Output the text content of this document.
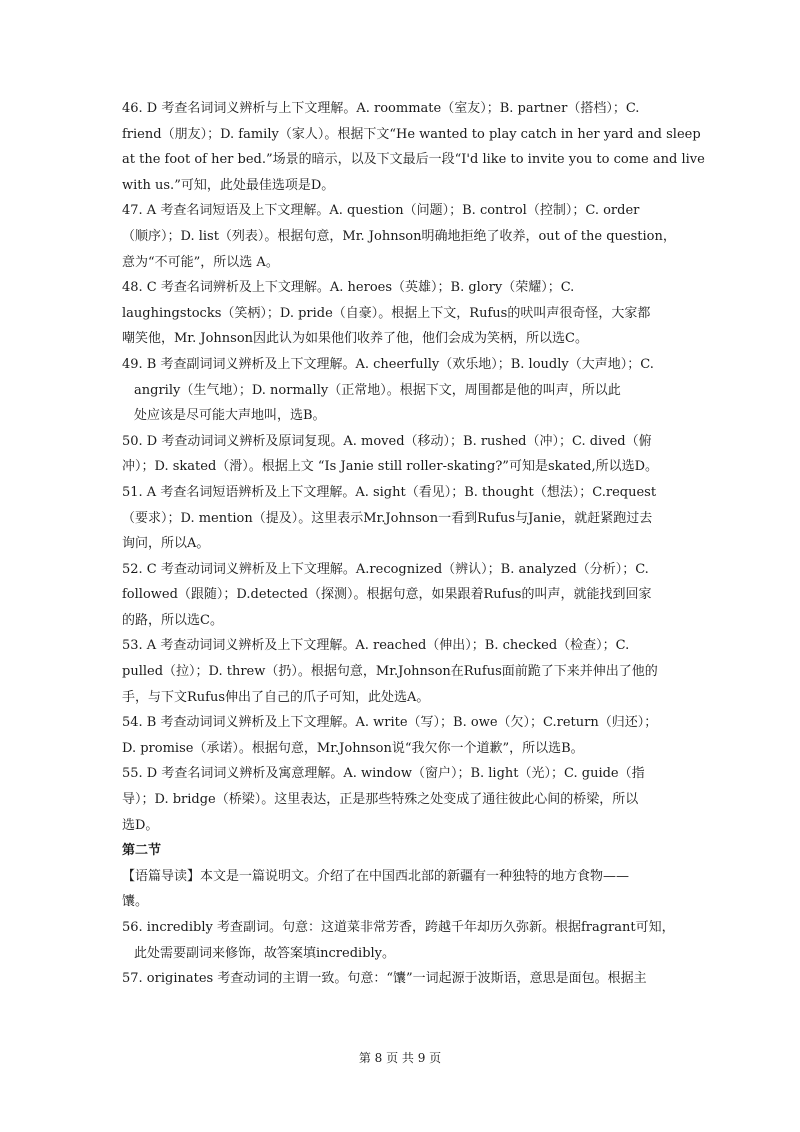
46. D 考查名词词义辨析与上下文理解。A. roommate（室友）；B. partner（搭档）；C.
friend（朋友）；D. family（家人）。根据下文“He wanted to play catch in her yard and sleep
at the foot of her bed.”场景的暗示，以及下文最后一段“I'd like to invite you to come and live
with us.”可知，此处最佳选项是D。
47. A 考查名词短语及上下文理解。A. question（问题）；B. control（控制）；C. order
（顺序）；D. list（列表）。根据句意，Mr. Johnson明确地拒绝了收养，out of the question，
意为“不可能”，所以选 A。
48. C 考查名词辨析及上下文理解。A. heroes（英雄）；B. glory（荣耀）；C.
laughingstocks（笑柄）；D. pride（自豪）。根据上下文，Rufus的吠叫声很奇怪，大家都
嘲笑他，Mr. Johnson因此认为如果他们收养了他，他们会成为笑柄，所以选C。
49. B 考查副词词义辨析及上下文理解。A. cheerfully（欢乐地）；B. loudly（大声地）；C.
angrily（生气地）；D. normally（正常地）。根据下文，周围都是他的叫声，所以此
处应该是尽可能大声地叫，选B。
50. D 考查动词词义辨析及原词复现。A. moved（移动）；B. rushed（冲）；C. dived（俯
冲）；D. skated（滑）。根据上文 “Is Janie still roller-skating?”可知是skated,所以选D。
51. A 考查名词短语辨析及上下文理解。A. sight（看见）；B. thought（想法）；C.request
（要求）；D. mention（提及）。这里表示Mr.Johnson一看到Rufus与Janie，就赶紧跑过去
询问，所以A。
52. C 考查动词词义辨析及上下文理解。A.recognized（辨认）；B. analyzed（分析）；C.
followed（跟随）；D.detected（探测）。根据句意，如果跟着Rufus的叫声，就能找到回家
的路，所以选C。
53. A 考查动词词义辨析及上下文理解。A. reached（伸出）；B. checked（检查）；C.
pulled（拉）；D. threw（扔）。根据句意，Mr.Johnson在Rufus面前跪了下来并伸出了他的
手，与下文Rufus伸出了自己的爪子可知，此处选A。
54. B 考查动词词义辨析及上下文理解。A. write（写）；B. owe（欠）；C.return（归还）；
D. promise（承诺）。根据句意，Mr.Johnson说“我欠你一个道歉”，所以选B。
55. D 考查名词词义辨析及寓意理解。A. window（窗户）；B. light（光）；C. guide（指
导）；D. bridge（桥梁）。这里表达，正是那些特殊之处变成了通往彼此心间的桥梁，所以
选D。
第二节
【语篇导读】本文是一篇说明文。介绍了在中国西北部的新疆有一种独特的地方食物——
馕。
56. incredibly 考查副词。句意：这道菜非常芳香，跨越千年却历久弥新。根据fragrant可知，
此处需要副词来修饰，故答案填incredibly。
57. originates 考查动词的主谓一致。句意：“馕”一词起源于波斯语，意思是面包。根据主
第 8 页 共 9 页
